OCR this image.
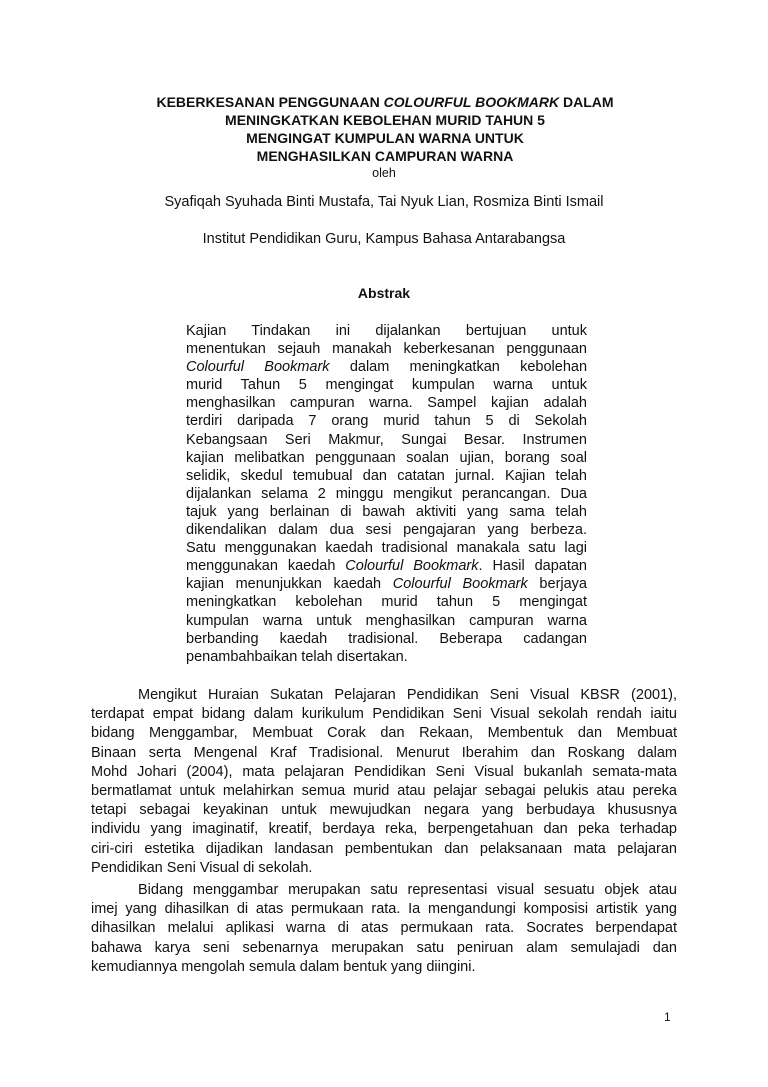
KEBERKESANAN PENGGUNAAN COLOURFUL BOOKMARK DALAM
MENINGKATKAN KEBOLEHAN MURID TAHUN 5
MENGINGAT KUMPULAN WARNA UNTUK
MENGHASILKAN CAMPURAN WARNA
oleh
Syafiqah Syuhada Binti Mustafa, Tai Nyuk Lian, Rosmiza Binti Ismail
Institut Pendidikan Guru, Kampus Bahasa Antarabangsa
Abstrak
Kajian Tindakan ini dijalankan bertujuan untuk
menentukan sejauh manakah keberkesanan penggunaan
Colourful Bookmark dalam meningkatkan kebolehan
murid Tahun 5 mengingat kumpulan warna untuk
menghasilkan campuran warna. Sampel kajian adalah
terdiri daripada 7 orang murid tahun 5 di Sekolah
Kebangsaan Seri Makmur, Sungai Besar. Instrumen
kajian melibatkan penggunaan soalan ujian, borang soal
selidik, skedul temubual dan catatan jurnal. Kajian telah
dijalankan selama 2 minggu mengikut perancangan. Dua
tajuk yang berlainan di bawah aktiviti yang sama telah
dikendalikan dalam dua sesi pengajaran yang berbeza.
Satu menggunakan kaedah tradisional manakala satu lagi
menggunakan kaedah Colourful Bookmark. Hasil dapatan
kajian menunjukkan kaedah Colourful Bookmark berjaya
meningkatkan kebolehan murid tahun 5 mengingat
kumpulan warna untuk menghasilkan campuran warna
berbanding kaedah tradisional. Beberapa cadangan
penambahbaikan telah disertakan.
Mengikut Huraian Sukatan Pelajaran Pendidikan Seni Visual KBSR (2001),
terdapat empat bidang dalam kurikulum Pendidikan Seni Visual sekolah rendah iaitu
bidang Menggambar, Membuat Corak dan Rekaan, Membentuk dan Membuat
Binaan serta Mengenal Kraf Tradisional. Menurut Iberahim dan Roskang dalam
Mohd Johari (2004), mata pelajaran Pendidikan Seni Visual bukanlah semata-mata
bermatlamat untuk melahirkan semua murid atau pelajar sebagai pelukis atau pereka
tetapi sebagai keyakinan untuk mewujudkan negara yang berbudaya khususnya
individu yang imaginatif, kreatif, berdaya reka, berpengetahuan dan peka terhadap
ciri-ciri estetika dijadikan landasan pembentukan dan pelaksanaan mata pelajaran
Pendidikan Seni Visual di sekolah.
Bidang menggambar merupakan satu representasi visual sesuatu objek atau
imej yang dihasilkan di atas permukaan rata. Ia mengandungi komposisi artistik yang
dihasilkan melalui aplikasi warna di atas permukaan rata. Socrates berpendapat
bahawa karya seni sebenarnya merupakan satu peniruan alam semulajadi dan
kemudiannya mengolah semula dalam bentuk yang diingini.
1
